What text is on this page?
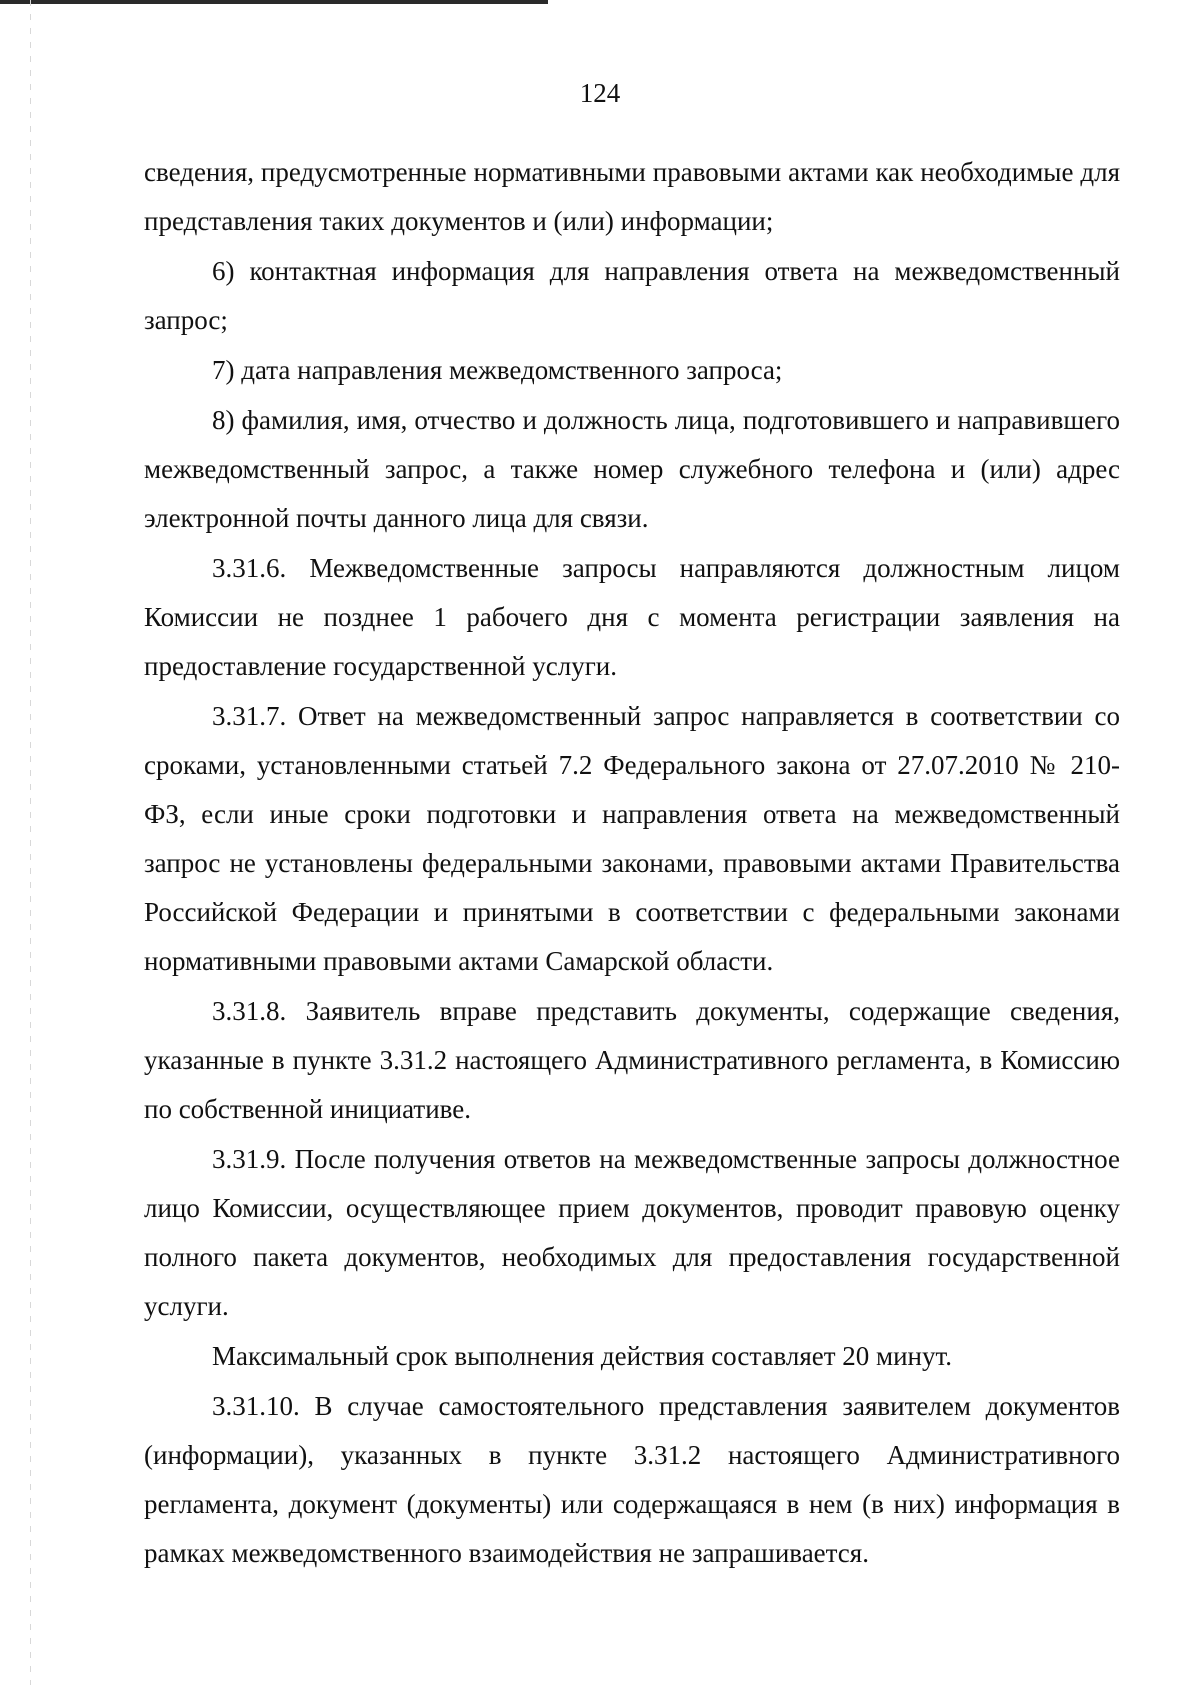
124

сведения, предусмотренные нормативными правовыми актами как необходимые для представления таких документов и (или) информации;

6) контактная информация для направления ответа на межведомственный запрос;

7) дата направления межведомственного запроса;

8) фамилия, имя, отчество и должность лица, подготовившего и направившего межведомственный запрос, а также номер служебного телефона и (или) адрес электронной почты данного лица для связи.

3.31.6. Межведомственные запросы направляются должностным лицом Комиссии не позднее 1 рабочего дня с момента регистрации заявления на предоставление государственной услуги.

3.31.7. Ответ на межведомственный запрос направляется в соответствии со сроками, установленными статьей 7.2 Федерального закона от 27.07.2010 № 210-ФЗ, если иные сроки подготовки и направления ответа на межведомственный запрос не установлены федеральными законами, правовыми актами Правительства Российской Федерации и принятыми в соответствии с федеральными законами нормативными правовыми актами Самарской области.

3.31.8. Заявитель вправе представить документы, содержащие сведения, указанные в пункте 3.31.2 настоящего Административного регламента, в Комиссию по собственной инициативе.

3.31.9. После получения ответов на межведомственные запросы должностное лицо Комиссии, осуществляющее прием документов, проводит правовую оценку полного пакета документов, необходимых для предоставления государственной услуги.

Максимальный срок выполнения действия составляет 20 минут.

3.31.10. В случае самостоятельного представления заявителем документов (информации), указанных в пункте 3.31.2 настоящего Административного регламента, документ (документы) или содержащаяся в нем (в них) информация в рамках межведомственного взаимодействия не запрашивается.
